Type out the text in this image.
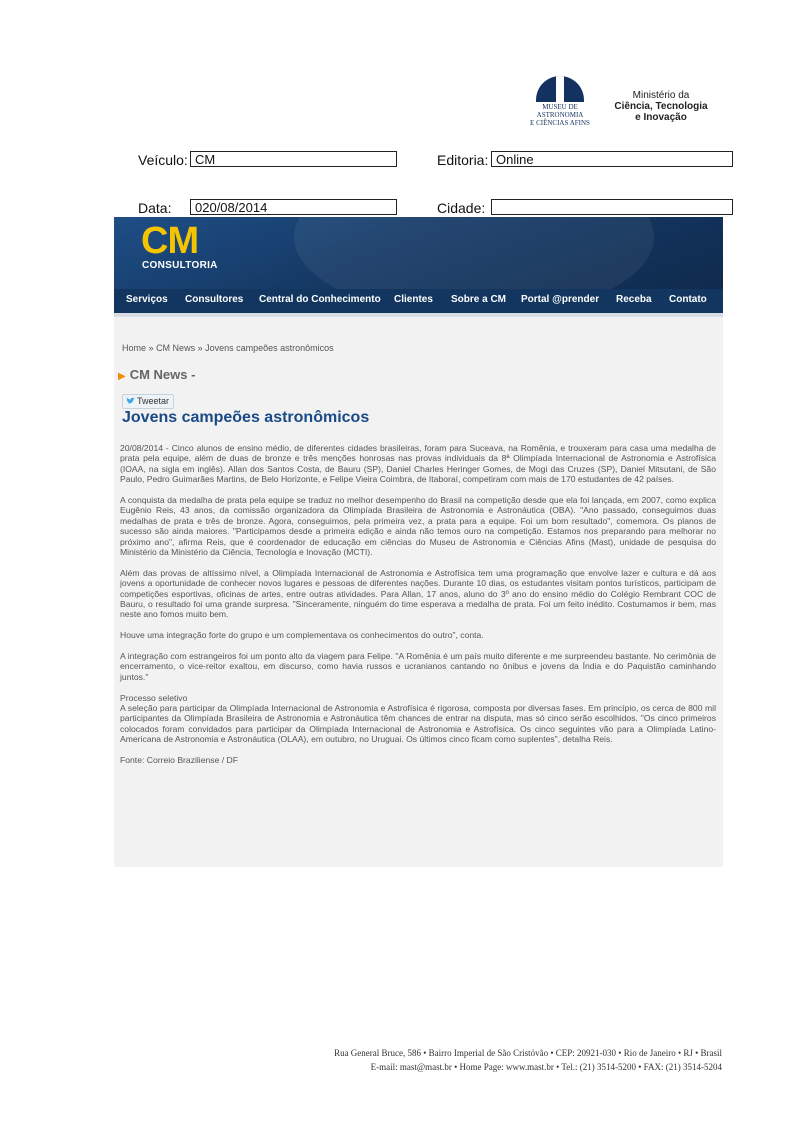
MUSEU DE
ASTRONOMIA
E CIÊNCIAS AFINS
Ministério da
Ciência, Tecnologia
e Inovação
Veículo: CM	Editoria: Online
Data:	020/08/2014	Cidade:
CM
CONSULTORIA
Serviços Consultores Central do Conhecimento Clientes Sobre a CM Portal @prender Receba Contato
Home » CM News » Jovens campeões astronômicos
▶ CM News -
Tweetar
Jovens campeões astronômicos

20/08/2014 - Cinco alunos de ensino médio, de diferentes cidades brasileiras, foram para Suceava, na Romênia, e trouxeram para casa uma medalha de prata pela equipe, além de duas de bronze e três menções honrosas nas provas individuais da 8ª Olimpíada Internacional de Astronomia e Astrofísica (IOAA, na sigla em inglês). Allan dos Santos Costa, de Bauru (SP), Daniel Charles Heringer Gomes, de Mogi das Cruzes (SP), Daniel Mitsutani, de São Paulo, Pedro Guimarães Martins, de Belo Horizonte, e Felipe Vieira Coimbra, de Itaboraí, competiram com mais de 170 estudantes de 42 países.

A conquista da medalha de prata pela equipe se traduz no melhor desempenho do Brasil na competição desde que ela foi lançada, em 2007, como explica Eugênio Reis, 43 anos, da comissão organizadora da Olimpíada Brasileira de Astronomia e Astronáutica (OBA). "Ano passado, conseguimos duas medalhas de prata e três de bronze. Agora, conseguimos, pela primeira vez, a prata para a equipe. Foi um bom resultado", comemora. Os planos de sucesso são ainda maiores. "Participamos desde a primeira edição e ainda não temos ouro na competição. Estamos nos preparando para melhorar no próximo ano", afirma Reis, que é coordenador de educação em ciências do Museu de Astronomia e Ciências Afins (Mast), unidade de pesquisa do Ministério da Ministério da Ciência, Tecnologia e Inovação (MCTI).

Além das provas de altíssimo nível, a Olimpíada Internacional de Astronomia e Astrofísica tem uma programação que envolve lazer e cultura e dá aos jovens a oportunidade de conhecer novos lugares e pessoas de diferentes nações. Durante 10 dias, os estudantes visitam pontos turísticos, participam de competições esportivas, oficinas de artes, entre outras atividades. Para Allan, 17 anos, aluno do 3º ano do ensino médio do Colégio Rembrant COC de Bauru, o resultado foi uma grande surpresa. "Sinceramente, ninguém do time esperava a medalha de prata. Foi um feito inédito. Costumamos ir bem, mas neste ano fomos muito bem.

Houve uma integração forte do grupo e um complementava os conhecimentos do outro", conta.

A integração com estrangeiros foi um ponto alto da viagem para Felipe. "A Romênia é um país muito diferente e me surpreendeu bastante. No cerimônia de encerramento, o vice-reitor exaltou, em discurso, como havia russos e ucranianos cantando no ônibus e jovens da Índia e do Paquistão caminhando juntos."

Processo seletivo

A seleção para participar da Olimpíada Internacional de Astronomia e Astrofísica é rigorosa, composta por diversas fases. Em princípio, os cerca de 800 mil participantes da Olimpíada Brasileira de Astronomia e Astronáutica têm chances de entrar na disputa, mas só cinco serão escolhidos. "Os cinco primeiros colocados foram convidados para participar da Olimpíada Internacional de Astronomia e Astrofísica. Os cinco seguintes vão para a Olimpíada Latino-Americana de Astronomia e Astronáutica (OLAA), em outubro, no Uruguai. Os últimos cinco ficam como suplentes", detalha Reis.

Fonte: Correio Braziliense / DF

Rua General Bruce, 586 • Bairro Imperial de São Cristóvão • CEP: 20921-030 • Rio de Janeiro • RJ • Brasil
E-mail: mast@mast.br • Home Page: www.mast.br • Tel.: (21) 3514-5200 • FAX: (21) 3514-5204
